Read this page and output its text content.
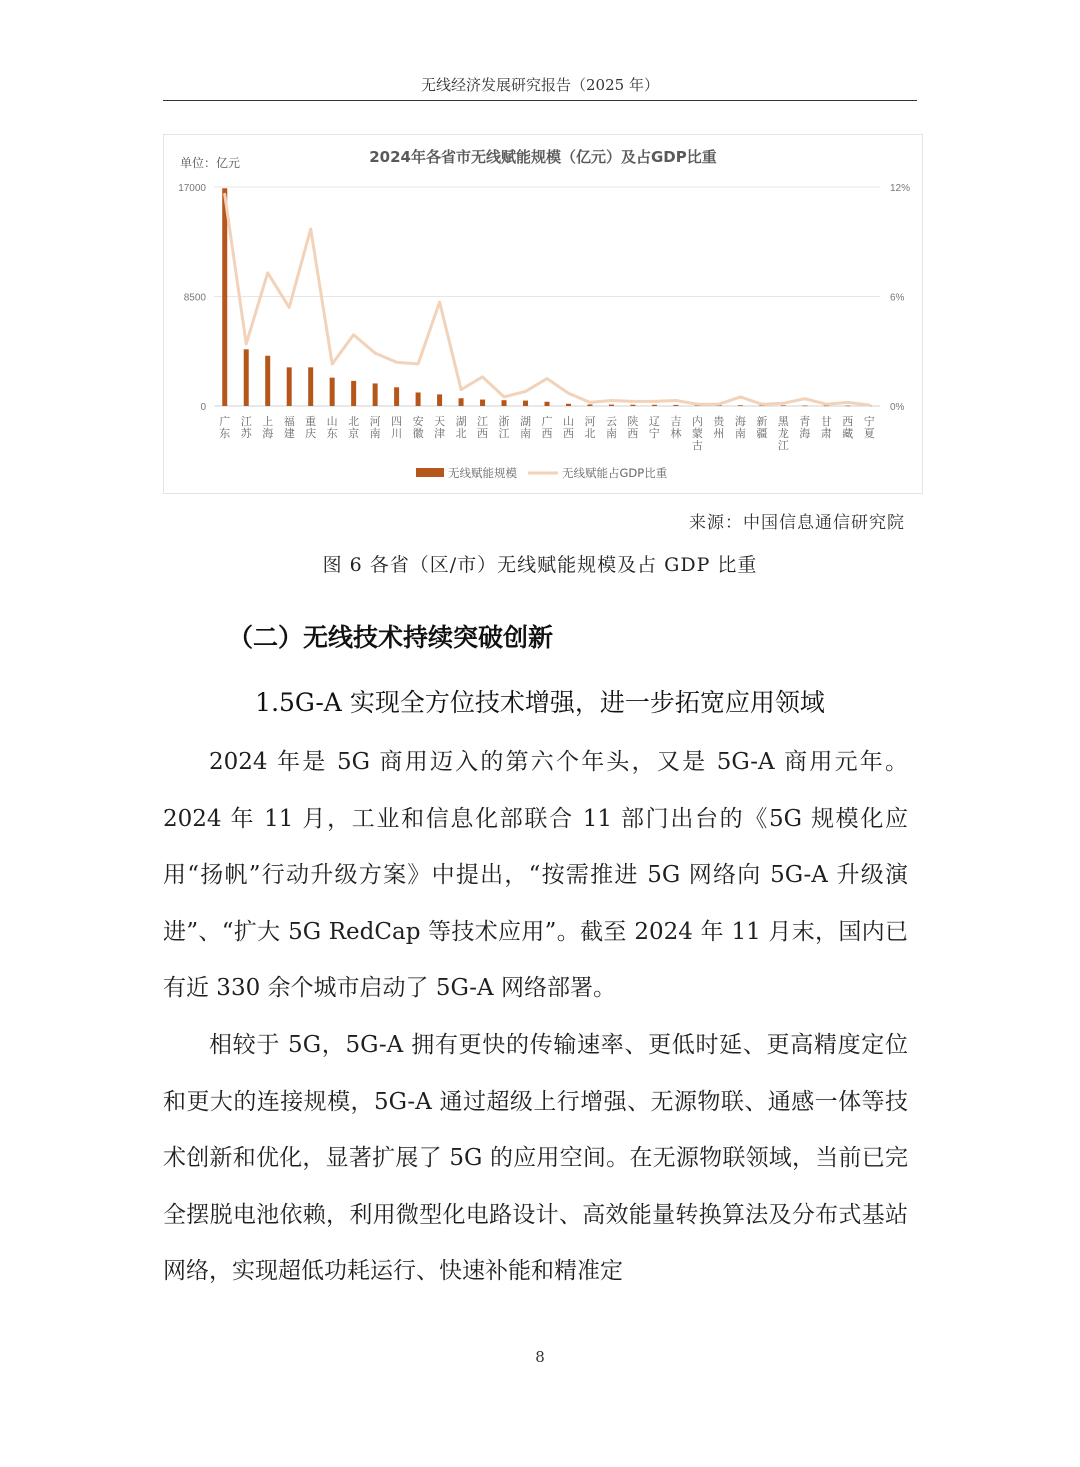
无线经济发展研究报告（2025 年）
单位：亿元	2024年各省市无线赋能规模（亿元）及占GDP比重
0
8500
17000
0%
6%
12%
广东
江苏
上海
福建
重庆
山东
北京
河南
四川
安徽
天津
湖北
江西
浙江
湖南
广西
山西
河北
云南
陕西
辽宁
吉林
内蒙古
贵州
海南
新疆
黑龙江
青海
甘肃
西藏
宁夏
无线赋能规模	无线赋能占GDP比重
来源：中国信息通信研究院
图 6 各省（区/市）无线赋能规模及占 GDP 比重
（二）无线技术持续突破创新
1.5G-A 实现全方位技术增强，进一步拓宽应用领域

2024 年是 5G 商用迈入的第六个年头，又是 5G-A 商用元年。2024 年 11 月，工业和信息化部联合 11 部门出台的《5G 规模化应用“扬帆”行动升级方案》中提出，“按需推进 5G 网络向 5G-A 升级演进”、“扩大 5G RedCap 等技术应用”。截至 2024 年 11 月末，国内已有近 330 余个城市启动了 5G-A 网络部署。

相较于 5G，5G-A 拥有更快的传输速率、更低时延、更高精度定位和更大的连接规模，5G-A 通过超级上行增强、无源物联、通感一体等技术创新和优化，显著扩展了 5G 的应用空间。在无源物联领域，当前已完全摆脱电池依赖，利用微型化电路设计、高效能量转换算法及分布式基站网络，实现超低功耗运行、快速补能和精准定

8
